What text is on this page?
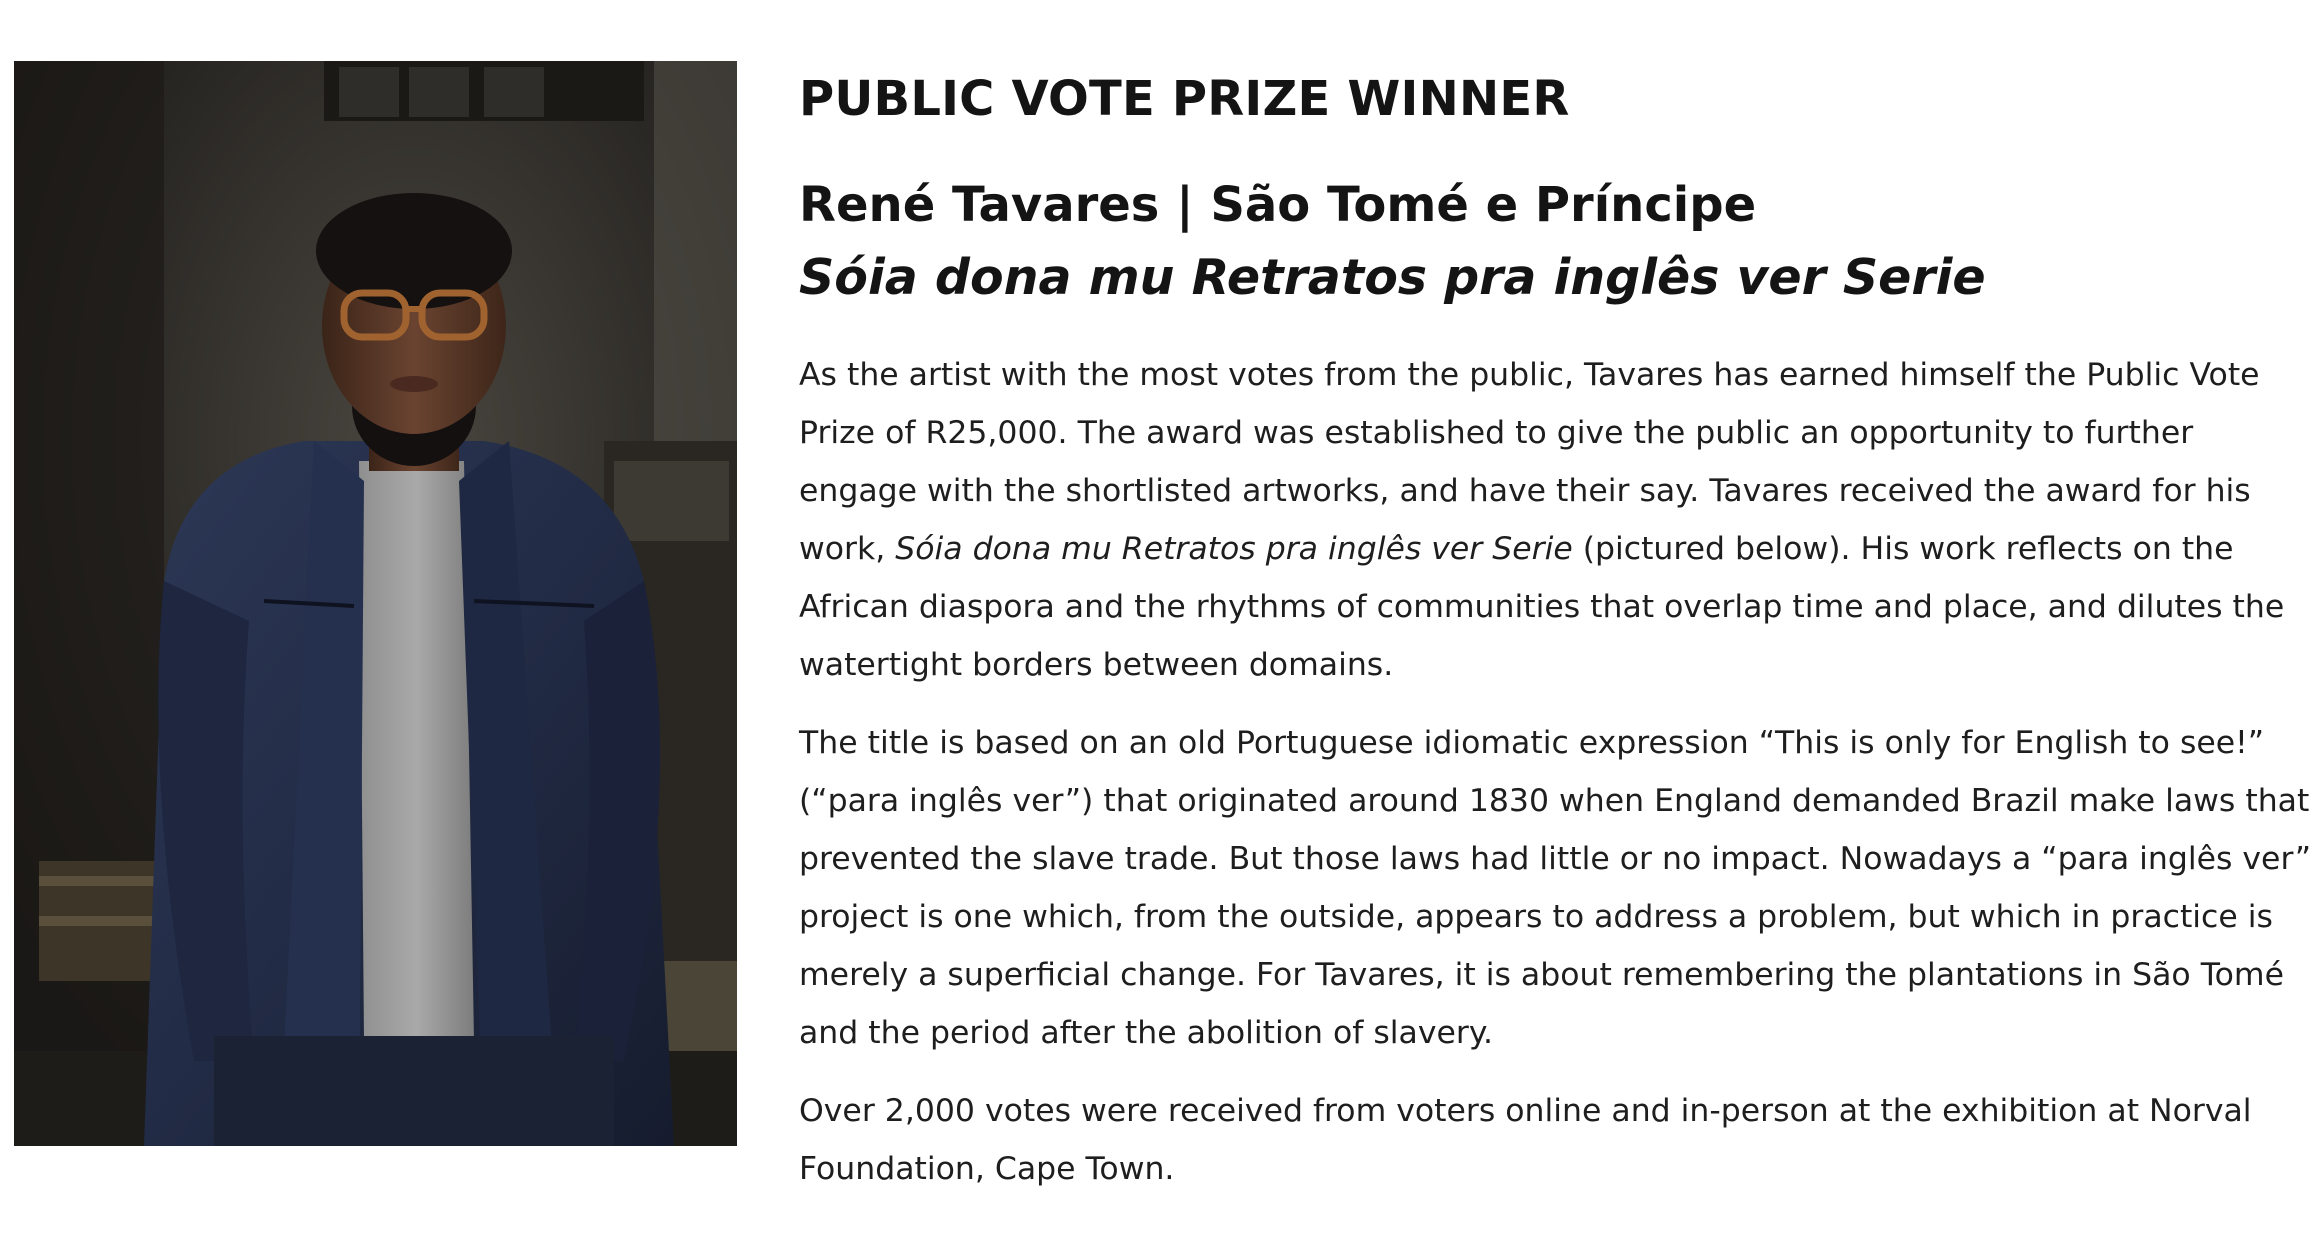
PUBLIC VOTE PRIZE WINNER
René Tavares | São Tomé e Príncipe
Sóia dona mu Retratos pra inglês ver Serie

As the artist with the most votes from the public, Tavares has earned himself the Public Vote Prize of R25,000. The award was established to give the public an opportunity to further engage with the shortlisted artworks, and have their say. Tavares received the award for his work, Sóia dona mu Retratos pra inglês ver Serie (pictured below). His work reflects on the African diaspora and the rhythms of communities that overlap time and place, and dilutes the watertight borders between domains.

The title is based on an old Portuguese idiomatic expression “This is only for English to see!” (“para inglês ver”) that originated around 1830 when England demanded Brazil make laws that prevented the slave trade. But those laws had little or no impact. Nowadays a “para inglês ver” project is one which, from the outside, appears to address a problem, but which in practice is merely a superficial change. For Tavares, it is about remembering the plantations in São Tomé and the period after the abolition of slavery.

Over 2,000 votes were received from voters online and in-person at the exhibition at Norval Foundation, Cape Town.
